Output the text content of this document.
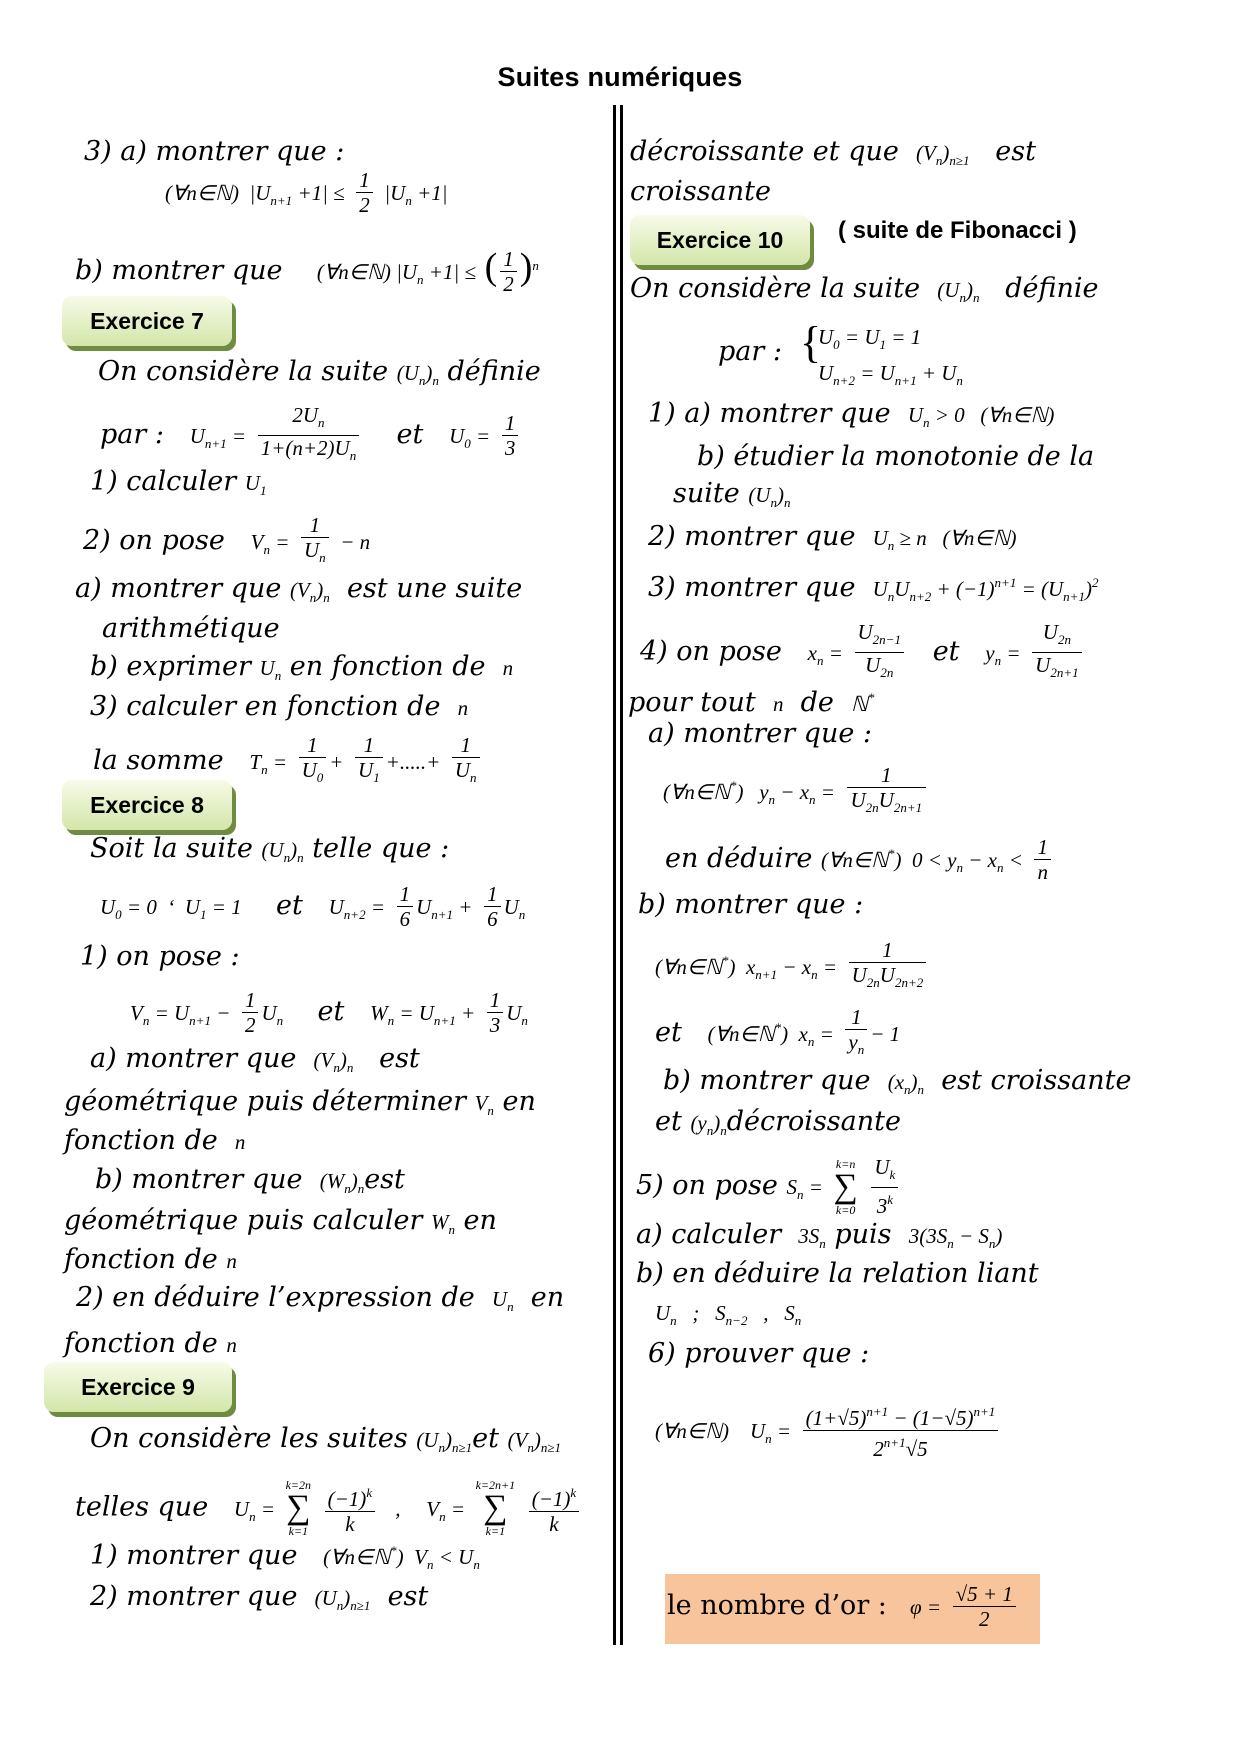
Suites numériques
3) a) montrer que :
(∀n∈ℕ)  $|U_{n+1} +1| \le \frac{1}{2} |U_n +1|$
b) montrer que (∀n∈ℕ) $|U_n +1|$ ≤ ( $\frac{1}{2} )^n$
Exercice 7
On considère la suite $(U_n)_n$ définie
par : $U_{n+1} = \frac{2U_n}{1+(n+2)U_n}$ et $U_0 = \frac{1}{3}$
1) calculer $U_1$
2) on pose $V_n = \frac{1}{U_n} - n$
a) montrer que $(V_n)_n$ est une suite
arithmétique
b) exprimer $U_n$ en fonction de n
3) calculer en fonction de n
la somme $T_n = \frac{1}{U_0} + \frac{1}{U_1}$ +.....+ $\frac{1}{U_n}$
Exercice 8
Soit la suite $(U_n)_n$ telle que :
$U_0 = 0$  ‘  $U_1 = 1$ et $U_{n+2} = \frac{1}{6} U_{n+1} + \frac{1}{6} U_n$
1) on pose :
$V_n = U_{n+1} - \frac{1}{2} U_n$ et $W_n = U_{n+1} + \frac{1}{3} U_n$
a) montrer que $(V_n)_n$ est
géométrique puis déterminer $V_n$ en
fonction de n
b) montrer que $(W_n)_nest$
géométrique puis calculer $W_n$ en
fonction de n
2) en déduire l’expression de $U_n$ en
fonction de n
Exercice 9
On considère les suites $(U_n)_{n\ge 1}et$ $(V_n)_{n\ge 1}$
telles que $U_n$ =
k=2n
∑
k=1
$\frac{(-1)^k}{k}$ , $V_n$ =
k=2n+1
∑
k=1
	$\frac{(-1)^k}{k}$
1) montrer que (∀n∈ℕ*)  $V_n < U_n$
2) montrer que $(U_n)_{n\ge 1}$ est
décroissante et que $(V_n)_{n\ge 1}$ est
croissante
Exercice 10	( suite de Fibonacci )
On considère la suite $(U_n)_n$ définie
par : {
$U_0 = U_1 = 1$
$U_{n+2} = U_{n+1} + U_n$
1) a) montrer que $U_n > 0$   (∀n∈ℕ)
b) étudier la monotonie de la
suite $(U_n)_n$
2) montrer que $U_n \ge n$   (∀n∈ℕ)
3) montrer que $U_nU_{n+2} + (-1)^{n+1} = (U_{n+1})^2$
4) on pose $x_n = \frac{U_{2n-1}}{U_{2n}}$ et $y_n = \frac{U_{2n}}{U_{2n+1}}$
pour tout n de ℕ*
a) montrer que :
(∀n∈ℕ*)   $y_n - x_n = \frac{1}{U_{2n}U_{2n+1}}$
en déduire (∀n∈ℕ*)  $0 < y_n - x_n < \frac{1}{n}$
b) montrer que :
(∀n∈ℕ*)  $x_{n+1} - x_n = \frac{1}{U_{2n}U_{2n+2}}$
et (∀n∈ℕ*)  $x_n = \frac{1}{y_n} - 1$
b) montrer que $(x_n)_n$ est croissante
et $(y_n)_ndécroissante$
5) on pose $S_n$ =
k=n
∑
k=0
$\frac{U_k}{3^k}$
a) calculer $3S_n$ puis $3(3S_n - S_n)$
b) en déduire la relation liant
$U_n$   ;   $S_{n-2}$   ,   $S_n$
6) prouver que :
(∀n∈ℕ)    $U_n = \frac{(1+√5)^{n+1} - (1-√5)^{n+1}}{2^{n+1}√5}$
le nombre d’or : $\varphi = \frac{√5 + 1}{2}$
